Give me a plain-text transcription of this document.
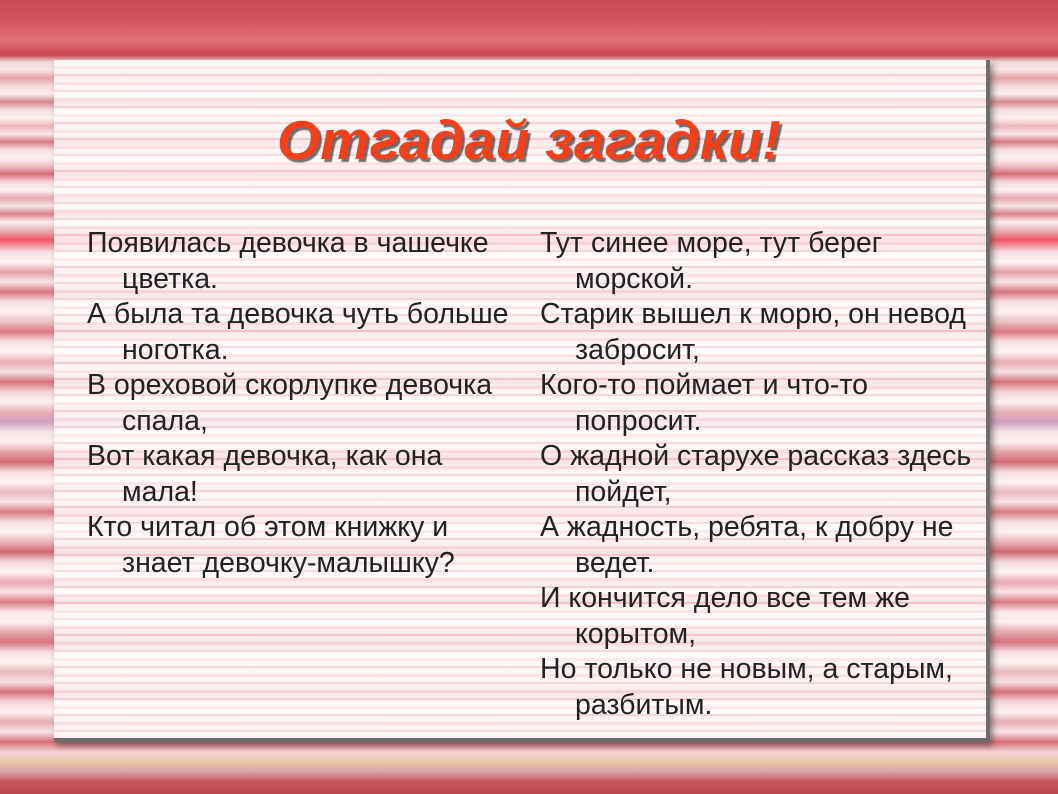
Отгадай загадки!
Появилась девочка в чашечке цветка.
А была та девочка чуть больше ноготка.
В ореховой скорлупке девочка спала,
Вот какая девочка, как она мала!
Кто читал об этом книжку и знает девочку-малышку?
Тут синее море, тут берег морской.
Старик вышел к морю, он невод забросит,
Кого-то поймает и что-то попросит.
О жадной старухе рассказ здесь пойдет,
А жадность, ребята, к добру не ведет.
И кончится дело все тем же корытом,
Но только не новым, а старым, разбитым.
